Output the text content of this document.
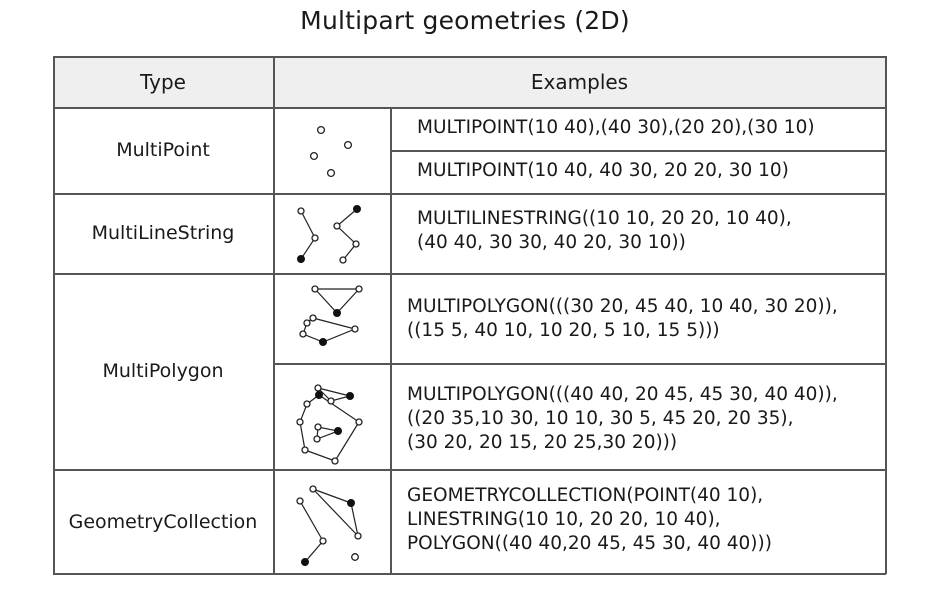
Multipart geometries (2D)
Type	Examples
MultiPoint
MultiLineString
MultiPolygon
GeometryCollection
MULTIPOINT(10 40),(40 30),(20 20),(30 10)
MULTIPOINT(10 40, 40 30, 20 20, 30 10)
MULTILINESTRING((10 10, 20 20, 10 40),
(40 40, 30 30, 40 20, 30 10))
MULTIPOLYGON(((30 20, 45 40, 10 40, 30 20)),
((15 5, 40 10, 10 20, 5 10, 15 5)))
MULTIPOLYGON(((40 40, 20 45, 45 30, 40 40)),
((20 35,10 30, 10 10, 30 5, 45 20, 20 35),
(30 20, 20 15, 20 25,30 20)))
GEOMETRYCOLLECTION(POINT(40 10),
LINESTRING(10 10, 20 20, 10 40),
POLYGON((40 40,20 45, 45 30, 40 40)))
